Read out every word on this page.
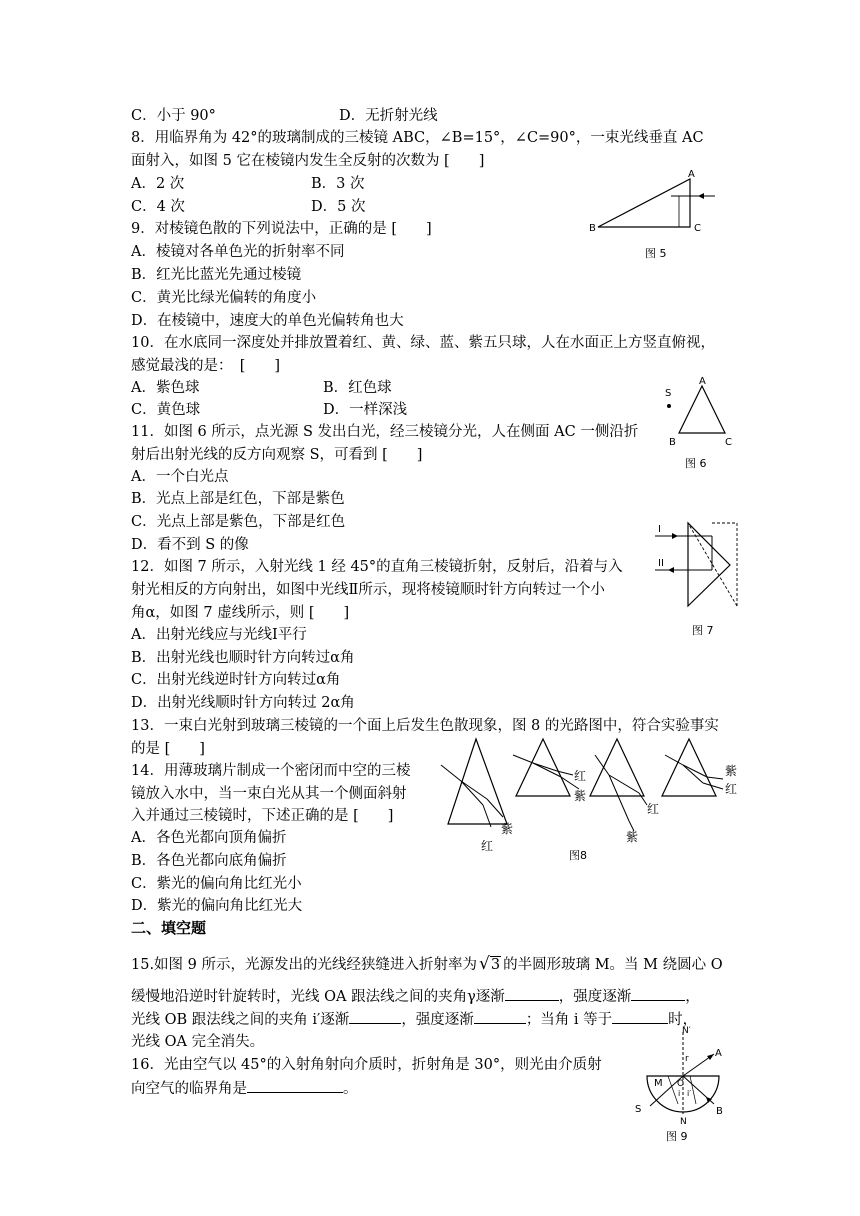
C．小于 90°	D．无折射光线
8．用临界角为 42°的玻璃制成的三棱镜 ABC，∠B=15°，∠C=90°，一束光线垂直 AC
面射入，如图 5 它在棱镜内发生全反射的次数为 [　　]
A．2 次	B．3 次
C．4 次	D．5 次
A
B	C
图 5
9．对棱镜色散的下列说法中，正确的是 [　　]
A．棱镜对各单色光的折射率不同
B．红光比蓝光先通过棱镜
C．黄光比绿光偏转的角度小
D．在棱镜中，速度大的单色光偏转角也大
10．在水底同一深度处并排放置着红、黄、绿、蓝、紫五只球，人在水面正上方竖直俯视，
感觉最浅的是：　[　　]
A．紫色球	B．红色球
C．黄色球	D．一样深浅
S
A
B	C
图 6
11．如图 6 所示，点光源 S 发出白光，经三棱镜分光，人在侧面 AC 一侧沿折
射后出射光线的反方向观察 S，可看到 [　　]
A．一个白光点
B．光点上部是红色，下部是紫色
C．光点上部是紫色，下部是红色
D．看不到 S 的像
I
II
图 7
12．如图 7 所示，入射光线 1 经 45°的直角三棱镜折射，反射后，沿着与入
射光相反的方向射出，如图中光线Ⅱ所示，现将棱镜顺时针方向转过一个小
角α，如图 7 虚线所示，则 [　　]
A．出射光线应与光线Ⅰ平行
B．出射光线也顺时针方向转过α角
C．出射光线逆时针方向转过α角
D．出射光线顺时针方向转过 2α角
13．一束白光射到玻璃三棱镜的一个面上后发生色散现象，图 8 的光路图中，符合实验事实
的是 [　　]
紫
红
红
紫
红
紫
紫
红
图8
14．用薄玻璃片制成一个密闭而中空的三棱
镜放入水中，当一束白光从其一个侧面斜射
入并通过三棱镜时，下述正确的是 [　　]
A．各色光都向顶角偏折
B．各色光都向底角偏折
C．紫光的偏向角比红光小
D．紫光的偏向角比红光大
二、填空题
15.如图 9 所示，光源发出的光线经狭缝进入折射率为 √3 的半圆形玻璃 M。当 M 绕圆心 O
缓慢地沿逆时针旋转时，光线 OA 跟法线之间的夹角γ逐渐	，强度逐渐	，
光线 OB 跟法线之间的夹角 i′逐渐	，强度逐渐	；当角 i 等于	时，
光线 OA 完全消失。
N′
r	A
M O
i i′
S
N
B
图 9
16．光由空气以 45°的入射角射向介质时，折射角是 30°，则光由介质射
向空气的临界角是	。
